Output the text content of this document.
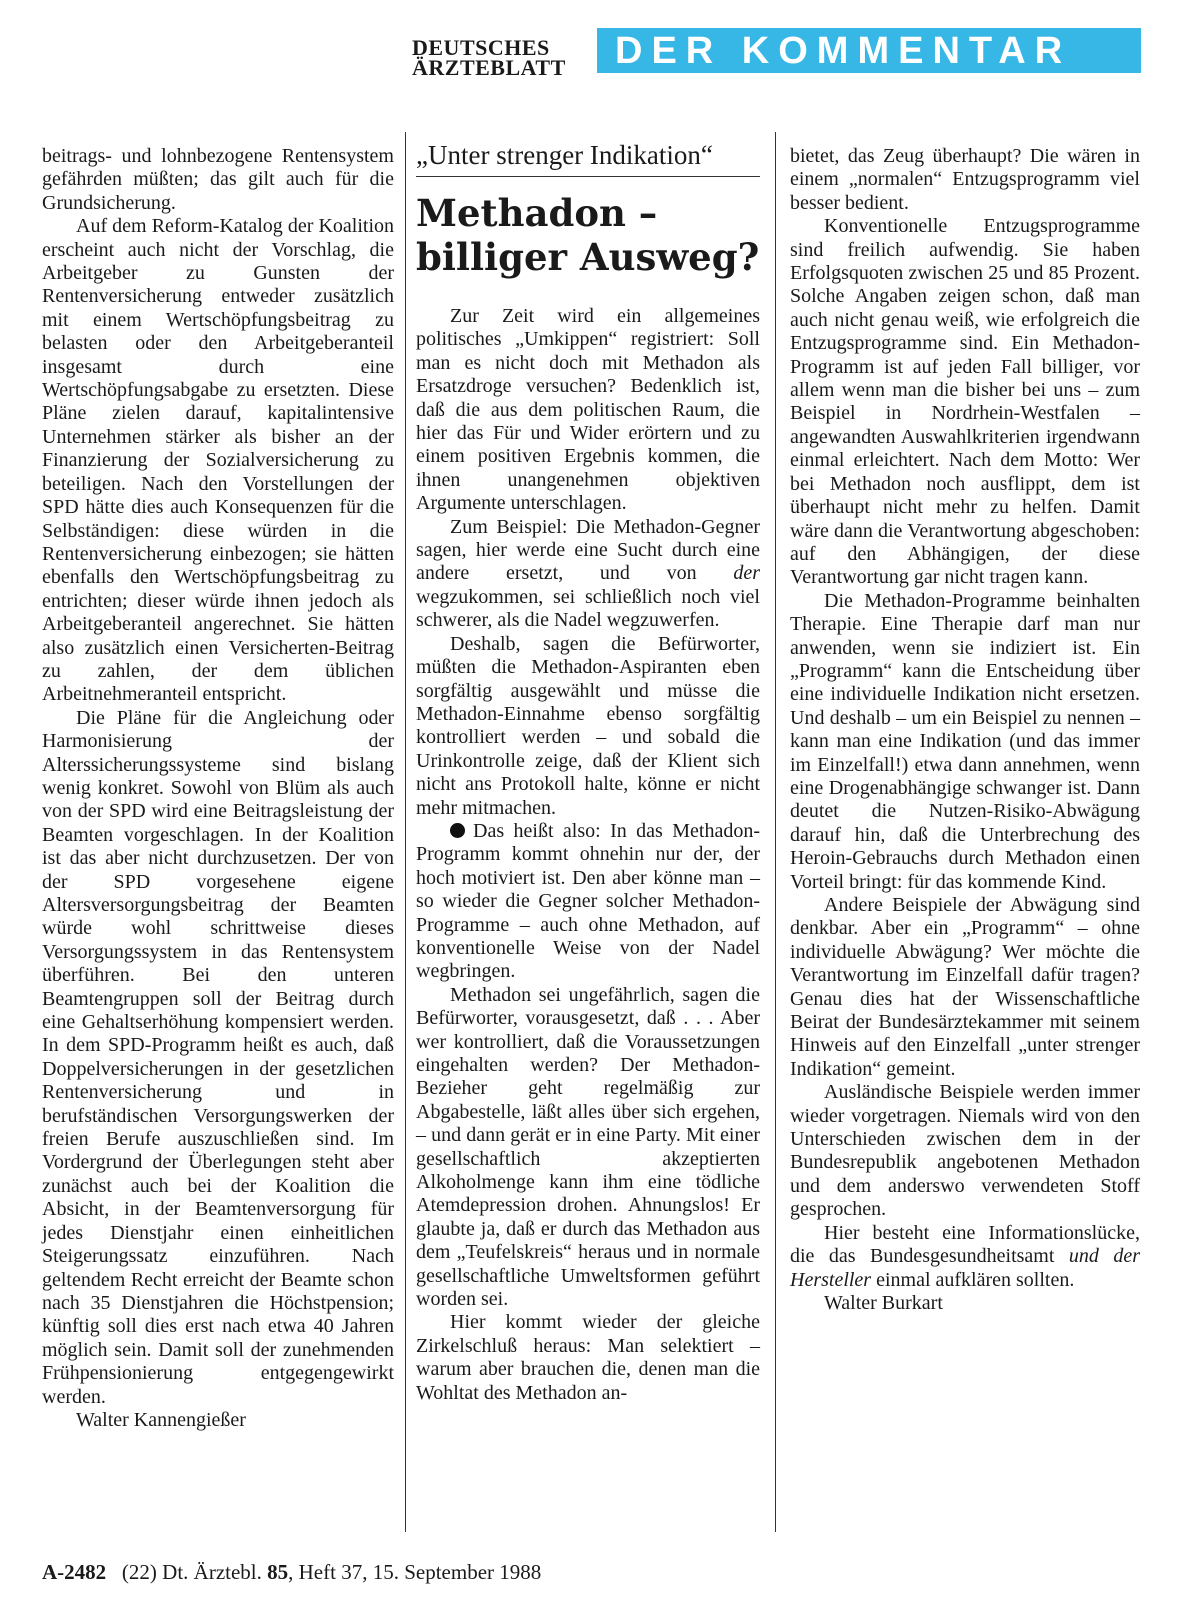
DEUTSCHES
ÄRZTEBLATT	DER KOMMENTAR

beitrags- und lohnbezogene Rentensystem gefährden müßten; das gilt auch für die Grundsicherung.

Auf dem Reform-Katalog der Koalition erscheint auch nicht der Vorschlag, die Arbeitgeber zu Gunsten der Rentenversicherung entweder zusätzlich mit einem Wertschöpfungsbeitrag zu belasten oder den Arbeitgeberanteil insgesamt durch eine Wertschöpfungsabgabe zu ersetzten. Diese Pläne zielen darauf, kapitalintensive Unternehmen stärker als bisher an der Finanzierung der Sozialversicherung zu beteiligen. Nach den Vorstellungen der SPD hätte dies auch Konsequenzen für die Selbständigen: diese würden in die Rentenversicherung einbezogen; sie hätten ebenfalls den Wertschöpfungsbeitrag zu entrichten; dieser würde ihnen jedoch als Arbeitgeberanteil angerechnet. Sie hätten also zusätzlich einen Versicherten-Beitrag zu zahlen, der dem üblichen Arbeitnehmeranteil entspricht.

Die Pläne für die Angleichung oder Harmonisierung der Alterssicherungssysteme sind bislang wenig konkret. Sowohl von Blüm als auch von der SPD wird eine Beitragsleistung der Beamten vorgeschlagen. In der Koalition ist das aber nicht durchzusetzen. Der von der SPD vorgesehene eigene Altersversorgungsbeitrag der Beamten würde wohl schrittweise dieses Versorgungssystem in das Rentensystem überführen. Bei den unteren Beamtengruppen soll der Beitrag durch eine Gehaltserhöhung kompensiert werden. In dem SPD-Programm heißt es auch, daß Doppelversicherungen in der gesetzlichen Rentenversicherung und in berufständischen Versorgungswerken der freien Berufe auszuschließen sind. Im Vordergrund der Überlegungen steht aber zunächst auch bei der Koalition die Absicht, in der Beamtenversorgung für jedes Dienstjahr einen einheitlichen Steigerungssatz einzuführen. Nach geltendem Recht erreicht der Beamte schon nach 35 Dienstjahren die Höchstpension; künftig soll dies erst nach etwa 40 Jahren möglich sein. Damit soll der zunehmenden Frühpensionierung entgegengewirkt werden.

Walter Kannengießer

„Unter strenger Indikation“
Methadon –
billiger Ausweg?

Zur Zeit wird ein allgemeines politisches „Umkippen“ registriert: Soll man es nicht doch mit Methadon als Ersatzdroge versuchen? Bedenklich ist, daß die aus dem politischen Raum, die hier das Für und Wider erörtern und zu einem positiven Ergebnis kommen, die ihnen unangenehmen objektiven Argumente unterschlagen.

Zum Beispiel: Die Methadon-Gegner sagen, hier werde eine Sucht durch eine andere ersetzt, und von der wegzukommen, sei schließlich noch viel schwerer, als die Nadel wegzuwerfen.

Deshalb, sagen die Befürworter, müßten die Methadon-Aspiranten eben sorgfältig ausgewählt und müsse die Methadon-Einnahme ebenso sorgfältig kontrolliert werden – und sobald die Urinkontrolle zeige, daß der Klient sich nicht ans Protokoll halte, könne er nicht mehr mitmachen.

Das heißt also: In das Methadon-Programm kommt ohnehin nur der, der hoch motiviert ist. Den aber könne man – so wieder die Gegner solcher Methadon-Programme – auch ohne Methadon, auf konventionelle Weise von der Nadel wegbringen.

Methadon sei ungefährlich, sagen die Befürworter, vorausgesetzt, daß . . . Aber wer kontrolliert, daß die Voraussetzungen eingehalten werden? Der Methadon-Bezieher geht regelmäßig zur Abgabestelle, läßt alles über sich ergehen, – und dann gerät er in eine Party. Mit einer gesellschaftlich akzeptierten Alkoholmenge kann ihm eine tödliche Atemdepression drohen. Ahnungslos! Er glaubte ja, daß er durch das Methadon aus dem „Teufelskreis“ heraus und in normale gesellschaftliche Umweltsformen geführt worden sei.

Hier kommt wieder der gleiche Zirkelschluß heraus: Man selektiert – warum aber brauchen die, denen man die Wohltat des Methadon an-

bietet, das Zeug überhaupt? Die wären in einem „normalen“ Entzugsprogramm viel besser bedient.

Konventionelle Entzugsprogramme sind freilich aufwendig. Sie haben Erfolgsquoten zwischen 25 und 85 Prozent. Solche Angaben zeigen schon, daß man auch nicht genau weiß, wie erfolgreich die Entzugsprogramme sind. Ein Methadon-Programm ist auf jeden Fall billiger, vor allem wenn man die bisher bei uns – zum Beispiel in Nordrhein-Westfalen – angewandten Auswahlkriterien irgendwann einmal erleichtert. Nach dem Motto: Wer bei Methadon noch ausflippt, dem ist überhaupt nicht mehr zu helfen. Damit wäre dann die Verantwortung abgeschoben: auf den Abhängigen, der diese Verantwortung gar nicht tragen kann.

Die Methadon-Programme beinhalten Therapie. Eine Therapie darf man nur anwenden, wenn sie indiziert ist. Ein „Programm“ kann die Entscheidung über eine individuelle Indikation nicht ersetzen. Und deshalb – um ein Beispiel zu nennen – kann man eine Indikation (und das immer im Einzelfall!) etwa dann annehmen, wenn eine Drogenabhängige schwanger ist. Dann deutet die Nutzen-Risiko-Abwägung darauf hin, daß die Unterbrechung des Heroin-Gebrauchs durch Methadon einen Vorteil bringt: für das kommende Kind.

Andere Beispiele der Abwägung sind denkbar. Aber ein „Programm“ – ohne individuelle Abwägung? Wer möchte die Verantwortung im Einzelfall dafür tragen? Genau dies hat der Wissenschaftliche Beirat der Bundesärztekammer mit seinem Hinweis auf den Einzelfall „unter strenger Indikation“ gemeint.

Ausländische Beispiele werden immer wieder vorgetragen. Niemals wird von den Unterschieden zwischen dem in der Bundesrepublik angebotenen Methadon und dem anderswo verwendeten Stoff gesprochen.

Hier besteht eine Informationslücke, die das Bundesgesundheitsamt und der Hersteller einmal aufklären sollten.

Walter Burkart

A-2482 (22) Dt. Ärztebl. 85, Heft 37, 15. September 1988
